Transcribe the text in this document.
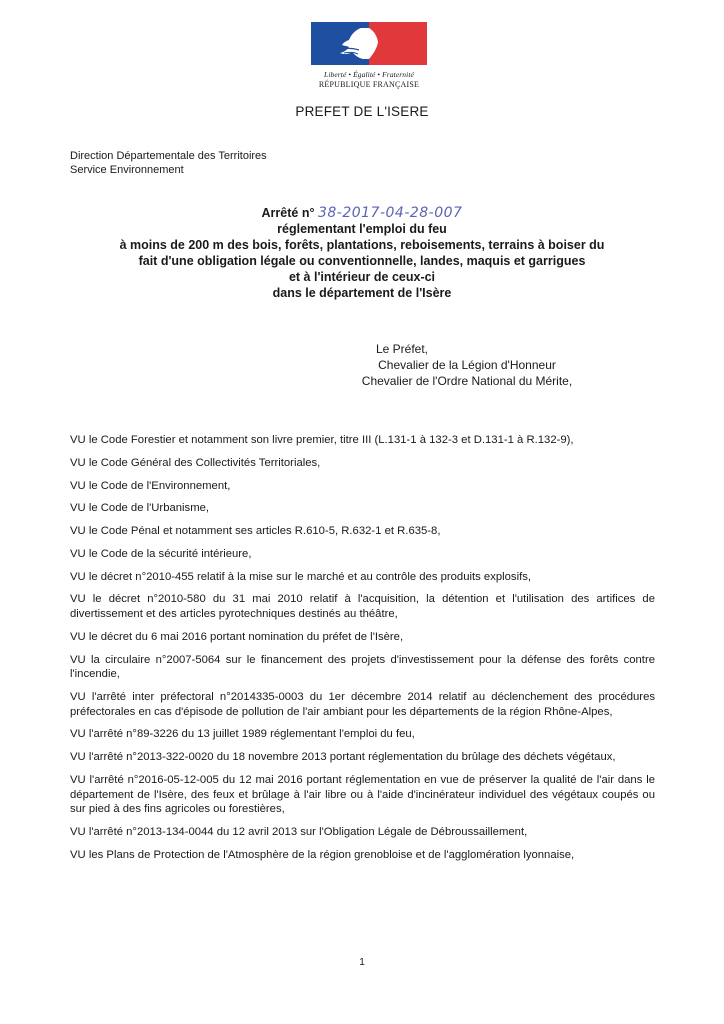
Liberté • Égalité • Fraternité
RÉPUBLIQUE FRANÇAISE
PREFET DE L'ISERE
Direction Départementale des Territoires
Service Environnement
Arrêté n° 38-2017-04-28-007
réglementant l'emploi du feu
à moins de 200 m des bois, forêts, plantations, reboisements, terrains à boiser du
fait d'une obligation légale ou conventionnelle, landes, maquis et garrigues
et à l'intérieur de ceux-ci
dans le département de l'Isère
Le Préfet,
Chevalier de la Légion d'Honneur
Chevalier de l'Ordre National du Mérite,
VU le Code Forestier et notamment son livre premier, titre III (L.131-1 à 132-3 et D.131-1 à R.132-9),
VU le Code Général des Collectivités Territoriales,
VU le Code de l'Environnement,
VU le Code de l'Urbanisme,
VU le Code Pénal et notamment ses articles R.610-5, R.632-1 et R.635-8,
VU le Code de la sécurité intérieure,
VU le décret n°2010-455 relatif à la mise sur le marché et au contrôle des produits explosifs,
VU le décret n°2010-580 du 31 mai 2010 relatif à l'acquisition, la détention et l'utilisation des artifices de divertissement et des articles pyrotechniques destinés au théâtre,
VU le décret du 6 mai 2016 portant nomination du préfet de l'Isère,
VU la circulaire n°2007-5064 sur le financement des projets d'investissement pour la défense des forêts contre l'incendie,
VU l'arrêté inter préfectoral n°2014335-0003 du 1er décembre 2014 relatif au déclenchement des procédures préfectorales en cas d'épisode de pollution de l'air ambiant pour les départements de la région Rhône-Alpes,
VU l'arrêté n°89-3226 du 13 juillet 1989 réglementant l'emploi du feu,
VU l'arrêté n°2013-322-0020 du 18 novembre 2013 portant réglementation du brûlage des déchets végétaux,
VU l'arrêté n°2016-05-12-005 du 12 mai 2016 portant réglementation en vue de préserver la qualité de l'air dans le département de l'Isère, des feux et brûlage à l'air libre ou à l'aide d'incinérateur individuel des végétaux coupés ou sur pied à des fins agricoles ou forestières,
VU l'arrêté n°2013-134-0044 du 12 avril 2013 sur l'Obligation Légale de Débroussaillement,
VU les Plans de Protection de l'Atmosphère de la région grenobloise et de l'agglomération lyonnaise,
1
